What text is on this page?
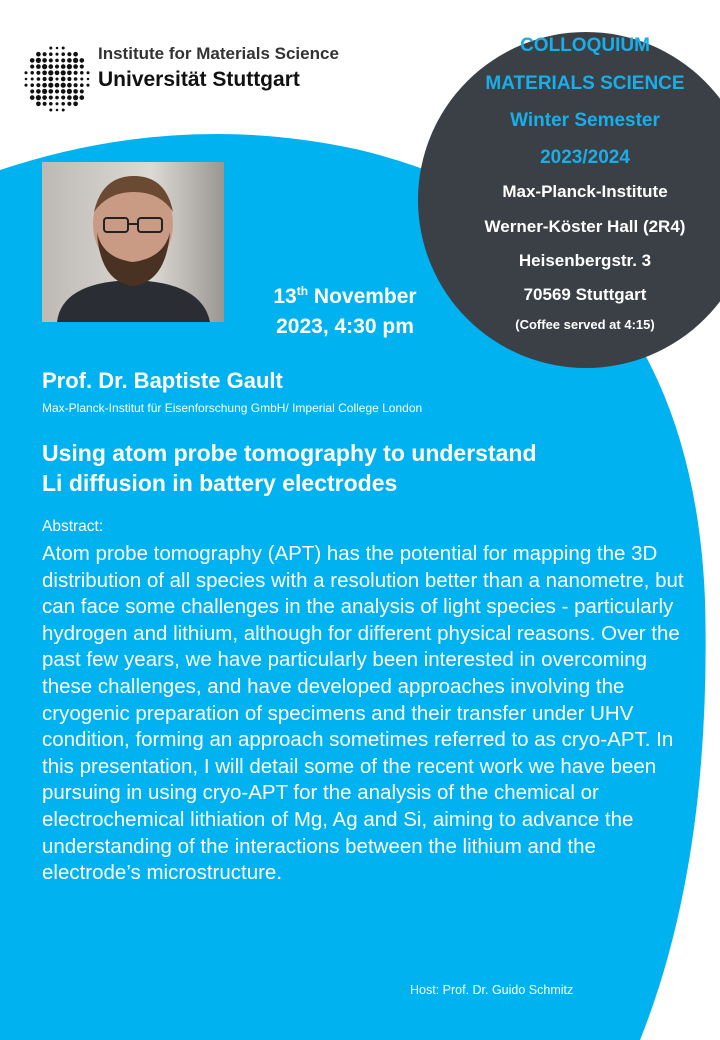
Institute for Materials Science
Universität Stuttgart
COLLOQUIUM
MATERIALS SCIENCE
Winter Semester
2023/2024
Max-Planck-Institute
Werner-Köster Hall (2R4)
Heisenbergstr. 3
70569 Stuttgart
(Coffee served at 4:15)
13th November
2023, 4:30 pm
Prof. Dr. Baptiste Gault
Max-Planck-Institut für Eisenforschung GmbH/ Imperial College London
Using atom probe tomography to understand
Li diffusion in battery electrodes
Abstract:
Atom probe tomography (APT) has the potential for mapping the 3D distribution of all species with a resolution better than a nanometre, but can face some challenges in the analysis of light species - particularly hydrogen and lithium, although for different physical reasons. Over the past few years, we have particularly been interested in overcoming these challenges, and have developed approaches involving the cryogenic preparation of specimens and their transfer under UHV condition, forming an approach sometimes referred to as cryo-APT. In this presentation, I will detail some of the recent work we have been pursuing in using cryo-APT for the analysis of the chemical or electrochemical lithiation of Mg, Ag and Si, aiming to advance the understanding of the interactions between the lithium and the electrode’s microstructure.
Host: Prof. Dr. Guido Schmitz
